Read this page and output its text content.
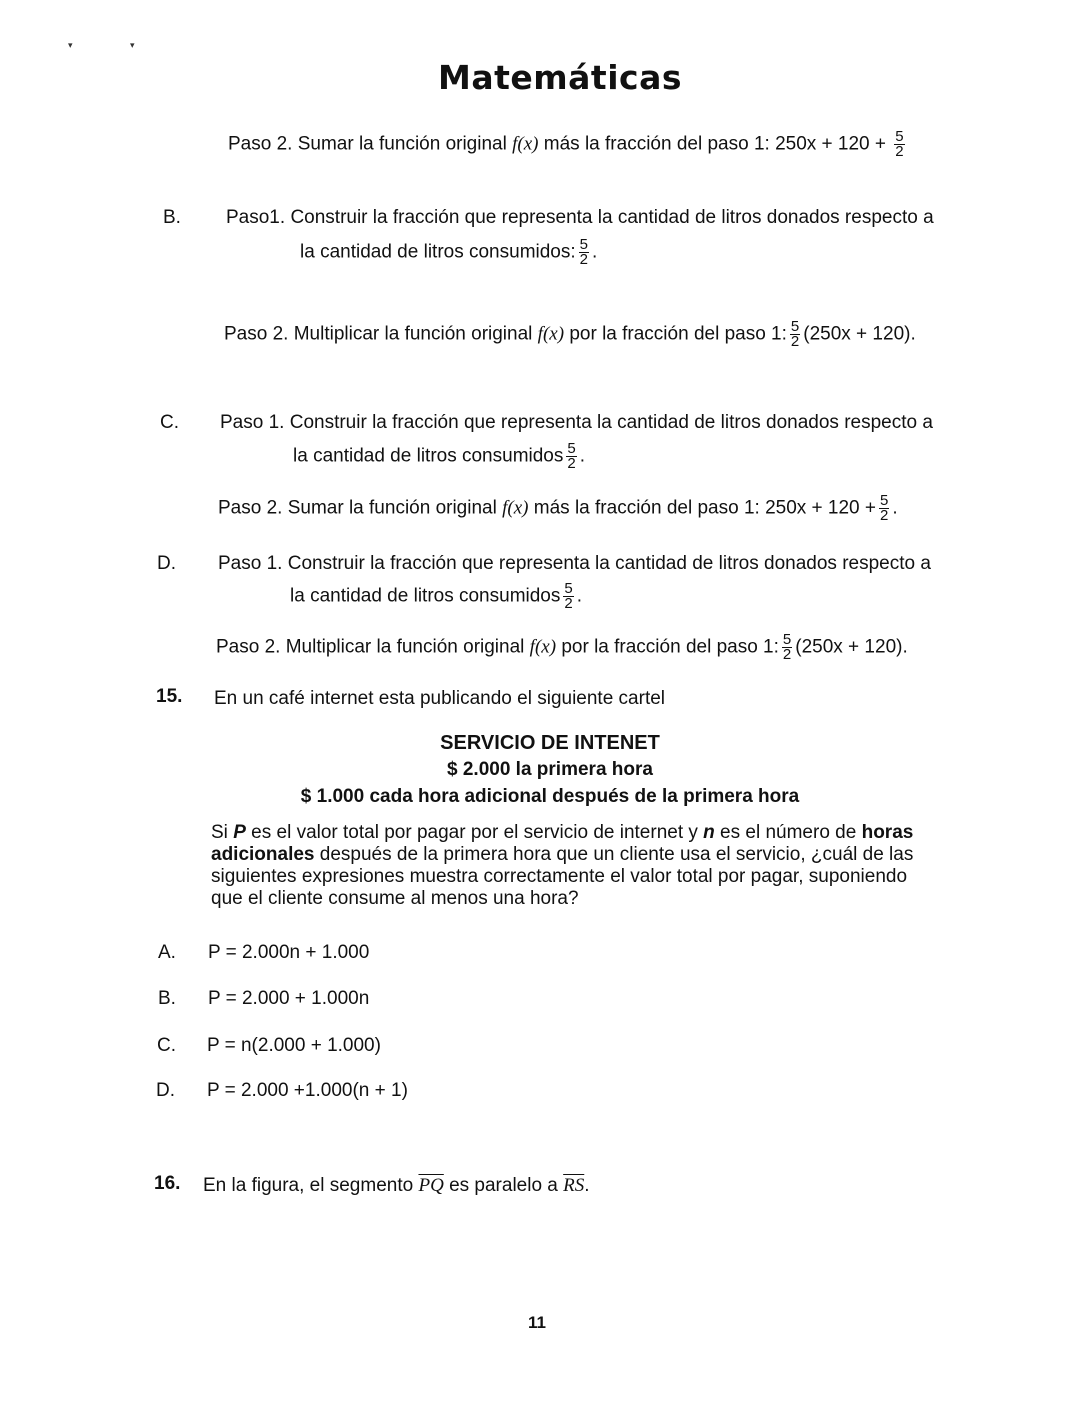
▾	▾
Matemáticas
Paso 2. Sumar la función original f(x) más la fracción del paso 1: $250x + 120 + \frac{5}{2}$
B. Paso1. Construir la fracción que representa la cantidad de litros donados respecto a
la cantidad de litros consumidos: $\frac{5}{2}$ .
Paso 2. Multiplicar la función original f(x) por la fracción del paso 1: $\frac{5}{2} (250x + 120)$.
C. Paso 1. Construir la fracción que representa la cantidad de litros donados respecto a
la cantidad de litros consumidos $\frac{5}{2}$ .
Paso 2. Sumar la función original f(x) más la fracción del paso 1: $250x + 120 + \frac{5}{2}$ .
D. Paso 1. Construir la fracción que representa la cantidad de litros donados respecto a
la cantidad de litros consumidos $\frac{5}{2}$ .
Paso 2. Multiplicar la función original f(x) por la fracción del paso 1: $\frac{5}{2} (250x + 120)$.
15. En un café internet esta publicando el siguiente cartel
SERVICIO DE INTENET
$ 2.000 la primera hora
$ 1.000 cada hora adicional después de la primera hora
Si P es el valor total por pagar por el servicio de internet y n es el número de horas adicionales después de la primera hora que un cliente usa el servicio, ¿cuál de las siguientes expresiones muestra correctamente el valor total por pagar, suponiendo que el cliente consume al menos una hora?
A. P = 2.000n + 1.000
B. P = 2.000 + 1.000n
C. P = n(2.000 + 1.000)
D. P = 2.000 +1.000(n + 1)
16. En la figura, el segmento $\overline{PQ}$ es paralelo a $\overline{RS}$.
11
